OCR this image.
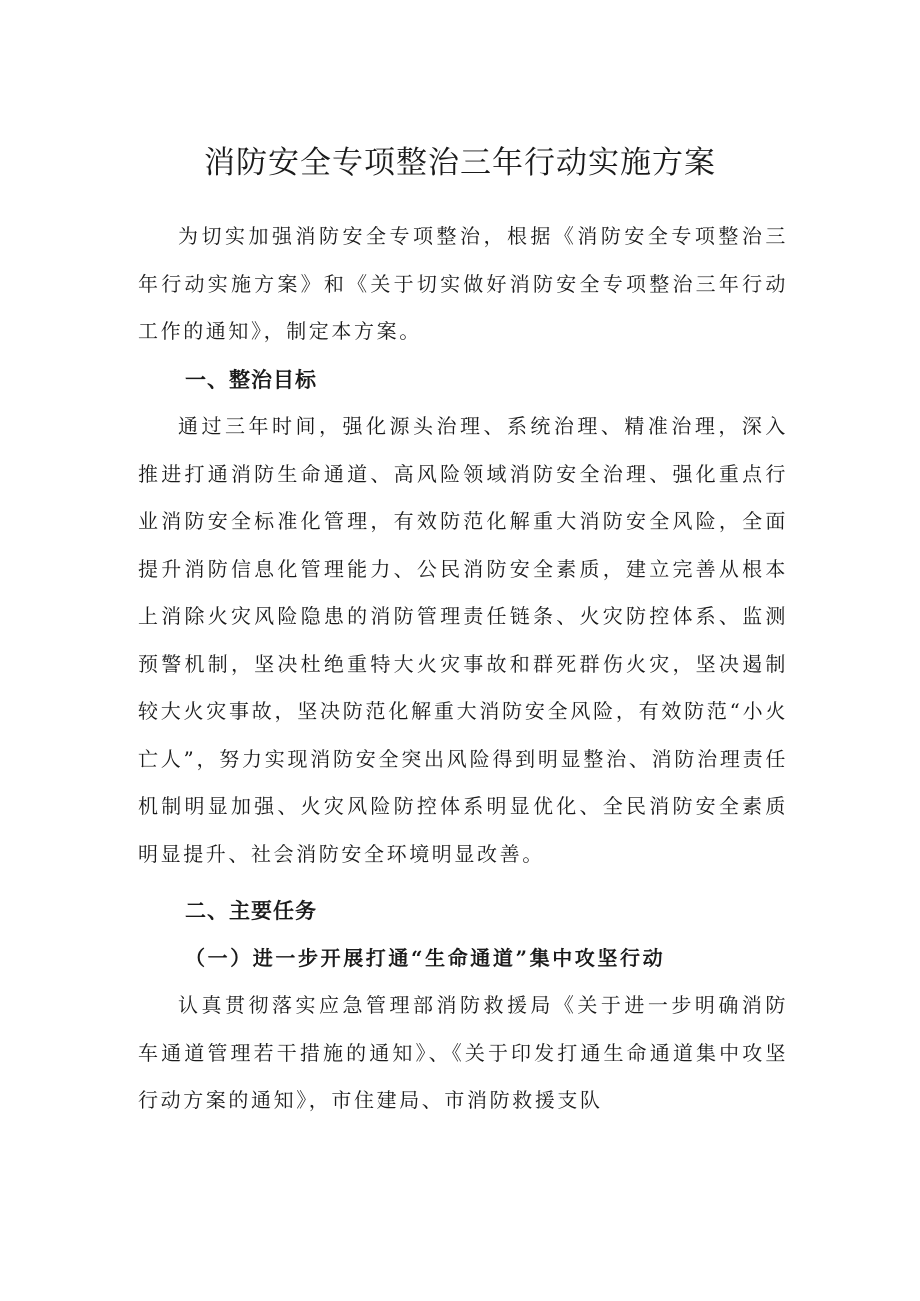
消防安全专项整治三年行动实施方案

为切实加强消防安全专项整治，根据《消防安全专项整治三年行动实施方案》和《关于切实做好消防安全专项整治三年行动工作的通知》，制定本方案。

一、整治目标

通过三年时间，强化源头治理、系统治理、精准治理，深入推进打通消防生命通道、高风险领域消防安全治理、强化重点行业消防安全标准化管理，有效防范化解重大消防安全风险，全面提升消防信息化管理能力、公民消防安全素质，建立完善从根本上消除火灾风险隐患的消防管理责任链条、火灾防控体系、监测预警机制，坚决杜绝重特大火灾事故和群死群伤火灾，坚决遏制较大火灾事故，坚决防范化解重大消防安全风险，有效防范“小火亡人”，努力实现消防安全突出风险得到明显整治、消防治理责任机制明显加强、火灾风险防控体系明显优化、全民消防安全素质明显提升、社会消防安全环境明显改善。

二、主要任务
（一）进一步开展打通“生命通道”集中攻坚行动

认真贯彻落实应急管理部消防救援局《关于进一步明确消防车通道管理若干措施的通知》、《关于印发打通生命通道集中攻坚行动方案的通知》，市住建局、市消防救援支队
